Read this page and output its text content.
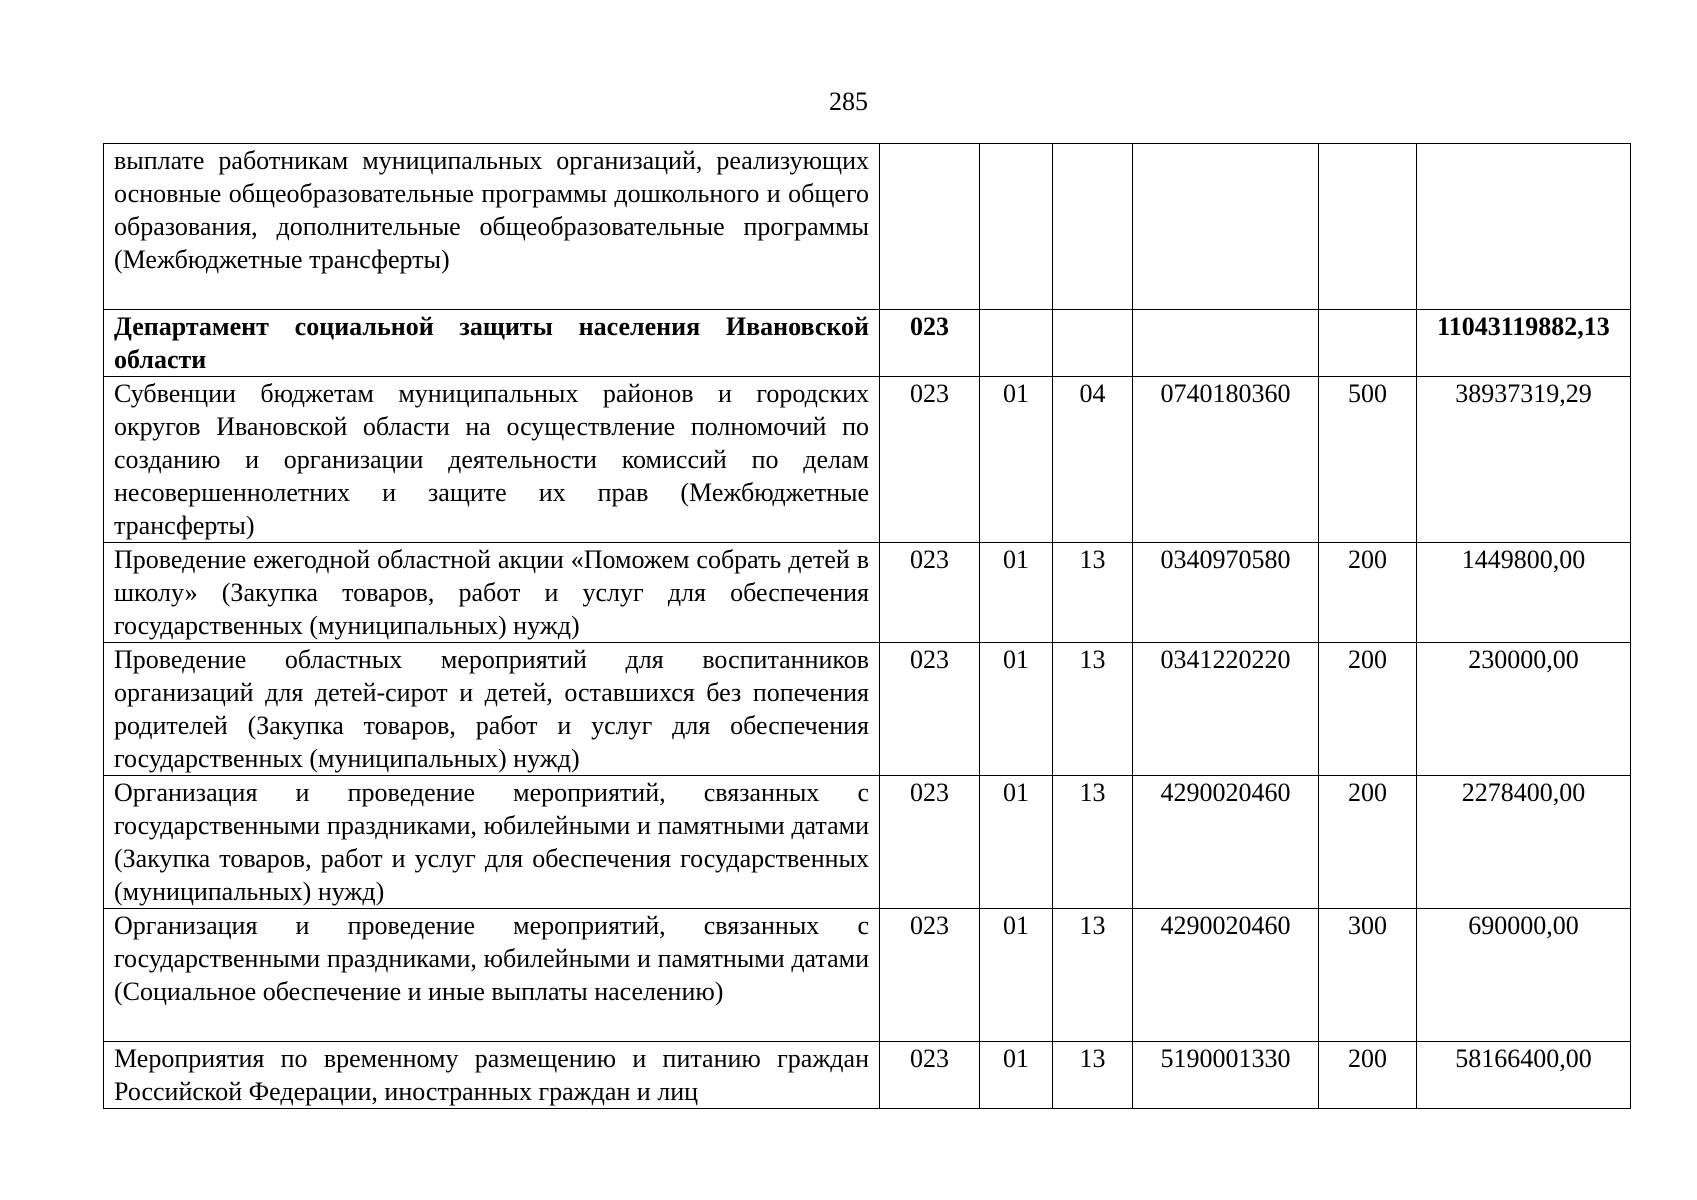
285
выплате работникам муниципальных организаций, реализующих основные общеобразовательные программы дошкольного и общего образования, дополнительные общеобразовательные программы (Межбюджетные трансферты)						
Департамент социальной защиты населения Ивановской области	023					11043119882,13
Субвенции бюджетам муниципальных районов и городских округов Ивановской области на осуществление полномочий по созданию и организации деятельности комиссий по делам несовершеннолетних и защите их прав (Межбюджетные трансферты)	023	01	04	0740180360	500	38937319,29
Проведение ежегодной областной акции «Поможем собрать детей в школу» (Закупка товаров, работ и услуг для обеспечения государственных (муниципальных) нужд)	023	01	13	0340970580	200	1449800,00
Проведение областных мероприятий для воспитанников организаций для детей-сирот и детей, оставшихся без попечения родителей (Закупка товаров, работ и услуг для обеспечения государственных (муниципальных) нужд)	023	01	13	0341220220	200	230000,00
Организация и проведение мероприятий, связанных с государственными праздниками, юбилейными и памятными датами (Закупка товаров, работ и услуг для обеспечения государственных (муниципальных) нужд)	023	01	13	4290020460	200	2278400,00
Организация и проведение мероприятий, связанных с государственными праздниками, юбилейными и памятными датами (Социальное обеспечение и иные выплаты населению)	023	01	13	4290020460	300	690000,00
Мероприятия по временному размещению и питанию граждан Российской Федерации, иностранных граждан и лиц	023	01	13	5190001330	200	58166400,00
